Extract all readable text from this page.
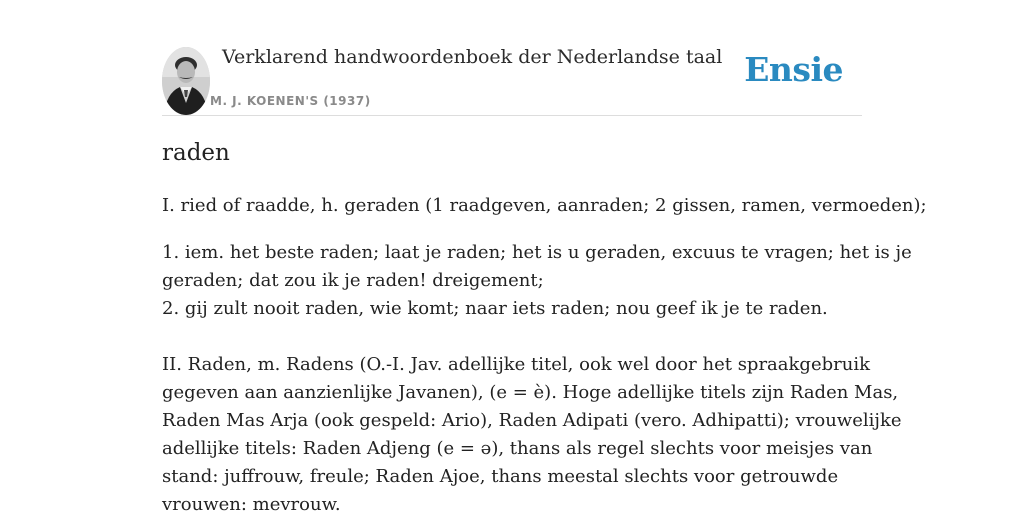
Verklarend handwoordenboek der Nederlandse taal
M. J. KOENEN'S (1937)
Ensie
raden
I. ried of raadde, h. geraden (1 raadgeven, aanraden; 2 gissen, ramen, vermoeden);
1. iem. het beste raden; laat je raden; het is u geraden, excuus te vragen; het is je
geraden; dat zou ik je raden! dreigement;
2. gij zult nooit raden, wie komt; naar iets raden; nou geef ik je te raden.
II. Raden, m. Radens (O.-I. Jav. adellijke titel, ook wel door het spraakgebruik
gegeven aan aanzienlijke Javanen), (e = è). Hoge adellijke titels zijn Raden Mas,
Raden Mas Arja (ook gespeld: Ario), Raden Adipati (vero. Adhipatti); vrouwelijke
adellijke titels: Raden Adjeng (e = ə), thans als regel slechts voor meisjes van
stand: juffrouw, freule; Raden Ajoe, thans meestal slechts voor getrouwde
vrouwen: mevrouw.
